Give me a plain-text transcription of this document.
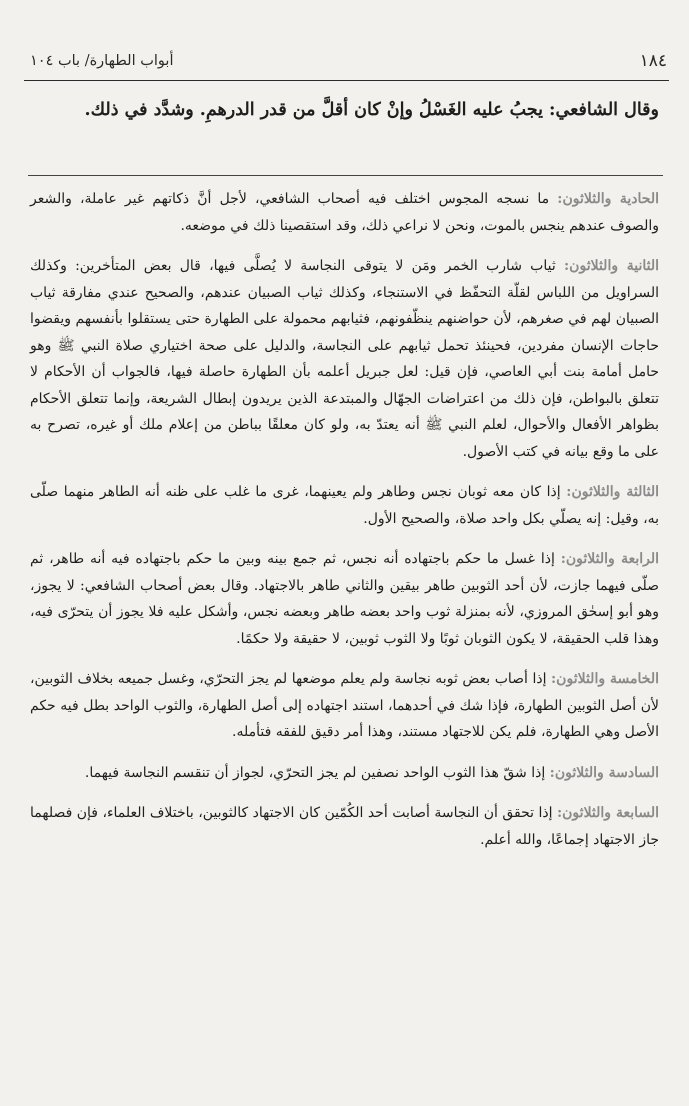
١٨٤
أبواب الطهارة/ باب ١٠٤
وقال الشافعي: يجبُ عليه الغَسْلُ وإنْ كان أقلَّ من قدر الدرهمِ. وشدَّد في ذلك.

الحادية والثلاثون: ما نسجه المجوس اختلف فيه أصحاب الشافعي، لأجل أنَّ ذكاتهم غير عاملة، والشعر والصوف عندهم ينجس بالموت، ونحن لا نراعي ذلك، وقد استقصينا ذلك في موضعه.

الثانية والثلاثون: ثياب شارب الخمر ومَن لا يتوقى النجاسة لا يُصلَّى فيها، قال بعض المتأخرين: وكذلك السراويل من اللباس لقلّة التحفّظ في الاستنجاء، وكذلك ثياب الصبيان عندهم، والصحيح عندي مفارقة ثياب الصبيان لهم في صغرهم، لأن حواضنهم ينظّفونهم، فثيابهم محمولة على الطهارة حتى يستقلوا بأنفسهم ويقضوا حاجات الإنسان مفردين، فحينئذ تحمل ثيابهم على النجاسة، والدليل على صحة اختياري صلاة النبي ﷺ وهو حامل أمامة بنت أبي العاصي، فإن قيل: لعل جبريل أعلمه بأن الطهارة حاصلة فيها، فالجواب أن الأحكام لا تتعلق بالبواطن، فإن ذلك من اعتراضات الجهّال والمبتدعة الذين يريدون إبطال الشريعة، وإنما تتعلق الأحكام بظواهر الأفعال والأحوال، لعلم النبي ﷺ أنه يعتدّ به، ولو كان معلقًا بباطن من إعلام ملك أو غيره، تصرح به على ما وقع بيانه في كتب الأصول.

الثالثة والثلاثون: إذا كان معه ثوبان نجس وطاهر ولم يعينهما، غرى ما غلب على ظنه أنه الطاهر منهما صلّى به، وقيل: إنه يصلّي بكل واحد صلاة، والصحيح الأول.

الرابعة والثلاثون: إذا غسل ما حكم باجتهاده أنه نجس، ثم جمع بينه وبين ما حكم باجتهاده فيه أنه طاهر، ثم صلّى فيهما جازت، لأن أحد الثوبين طاهر بيقين والثاني طاهر بالاجتهاد. وقال بعض أصحاب الشافعي: لا يجوز، وهو أبو إسحٰق المروزي، لأنه بمنزلة ثوب واحد بعضه طاهر وبعضه نجس، وأشكل عليه فلا يجوز أن يتحرّى فيه، وهذا قلب الحقيقة، لا يكون الثوبان ثوبًا ولا الثوب ثوبين، لا حقيقة ولا حكمًا.

الخامسة والثلاثون: إذا أصاب بعض ثوبه نجاسة ولم يعلم موضعها لم يجز التحرّي، وغسل جميعه بخلاف الثوبين، لأن أصل الثوبين الطهارة، فإذا شك في أحدهما، استند اجتهاده إلى أصل الطهارة، والثوب الواحد بطل فيه حكم الأصل وهي الطهارة، فلم يكن للاجتهاد مستند، وهذا أمر دقيق للفقه فتأمله.

السادسة والثلاثون: إذا شقّ هذا الثوب الواحد نصفين لم يجز التحرّي، لجواز أن تنقسم النجاسة فيهما.

السابعة والثلاثون: إذا تحقق أن النجاسة أصابت أحد الكُمّين كان الاجتهاد كالثوبين، باختلاف العلماء، فإن فصلهما جاز الاجتهاد إجماعًا، والله أعلم.
